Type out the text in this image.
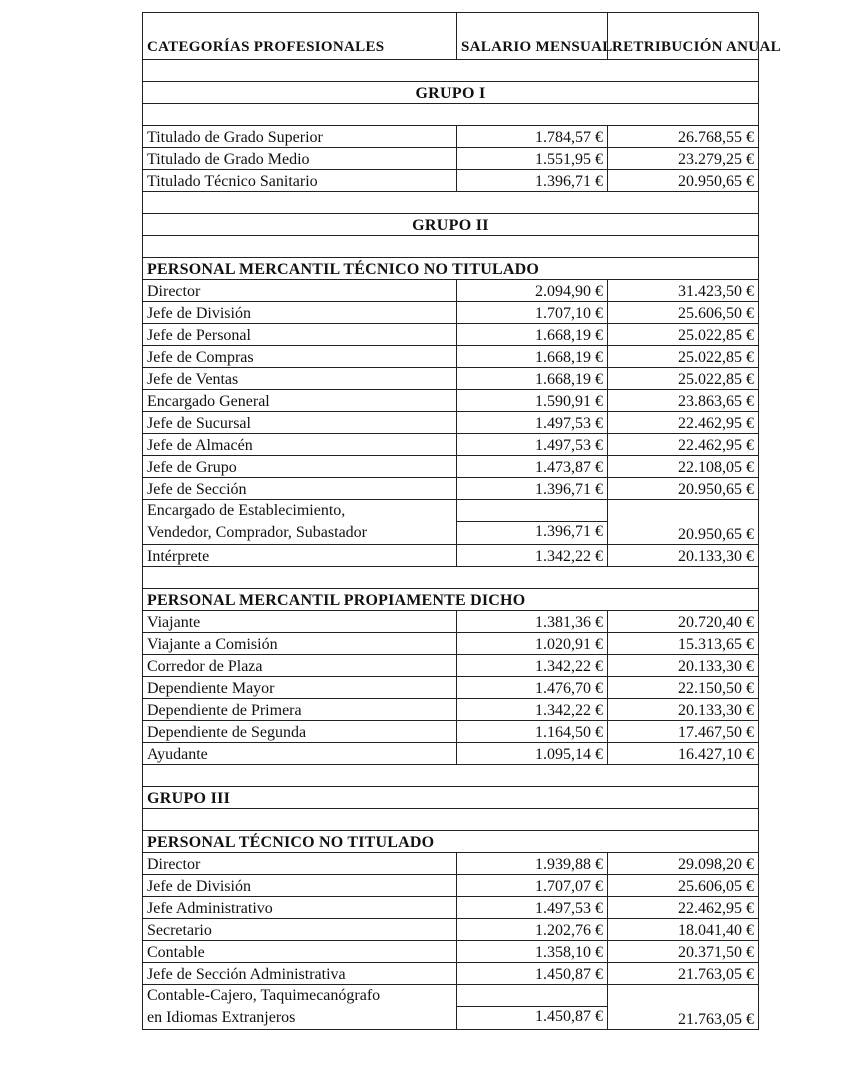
CATEGORÍAS PROFESIONALES	SALARIO MENSUAL	RETRIBUCIÓN ANUAL

GRUPO I		

Titulado de Grado Superior	1.784,57 €	26.768,55 €
Titulado de Grado Medio	1.551,95 €	23.279,25 €
Titulado Técnico Sanitario	1.396,71 €	20.950,65 €

GRUPO II		

PERSONAL MERCANTIL TÉCNICO NO TITULADO		
Director	2.094,90 €	31.423,50 €
Jefe de División	1.707,10 €	25.606,50 €
Jefe de Personal	1.668,19 €	25.022,85 €
Jefe de Compras	1.668,19 €	25.022,85 €
Jefe de Ventas	1.668,19 €	25.022,85 €
Encargado General	1.590,91 €	23.863,65 €
Jefe de Sucursal	1.497,53 €	22.462,95 €
Jefe de Almacén	1.497,53 €	22.462,95 €
Jefe de Grupo	1.473,87 €	22.108,05 €
Jefe de Sección	1.396,71 €	20.950,65 €
Encargado de Establecimiento,
Vendedor, Comprador, Subastador	1.396,71 €	20.950,65 €
Intérprete	1.342,22 €	20.133,30 €

PERSONAL MERCANTIL PROPIAMENTE DICHO		
Viajante	1.381,36 €	20.720,40 €
Viajante a Comisión	1.020,91 €	15.313,65 €
Corredor de Plaza	1.342,22 €	20.133,30 €
Dependiente Mayor	1.476,70 €	22.150,50 €
Dependiente de Primera	1.342,22 €	20.133,30 €
Dependiente de Segunda	1.164,50 €	17.467,50 €
Ayudante	1.095,14 €	16.427,10 €

GRUPO III		

PERSONAL TÉCNICO NO TITULADO		
Director	1.939,88 €	29.098,20 €
Jefe de División	1.707,07 €	25.606,05 €
Jefe Administrativo	1.497,53 €	22.462,95 €
Secretario	1.202,76 €	18.041,40 €
Contable	1.358,10 €	20.371,50 €
Jefe de Sección Administrativa	1.450,87 €	21.763,05 €
Contable-Cajero, Taquimecanógrafo
en Idiomas Extranjeros	1.450,87 €	21.763,05 €
